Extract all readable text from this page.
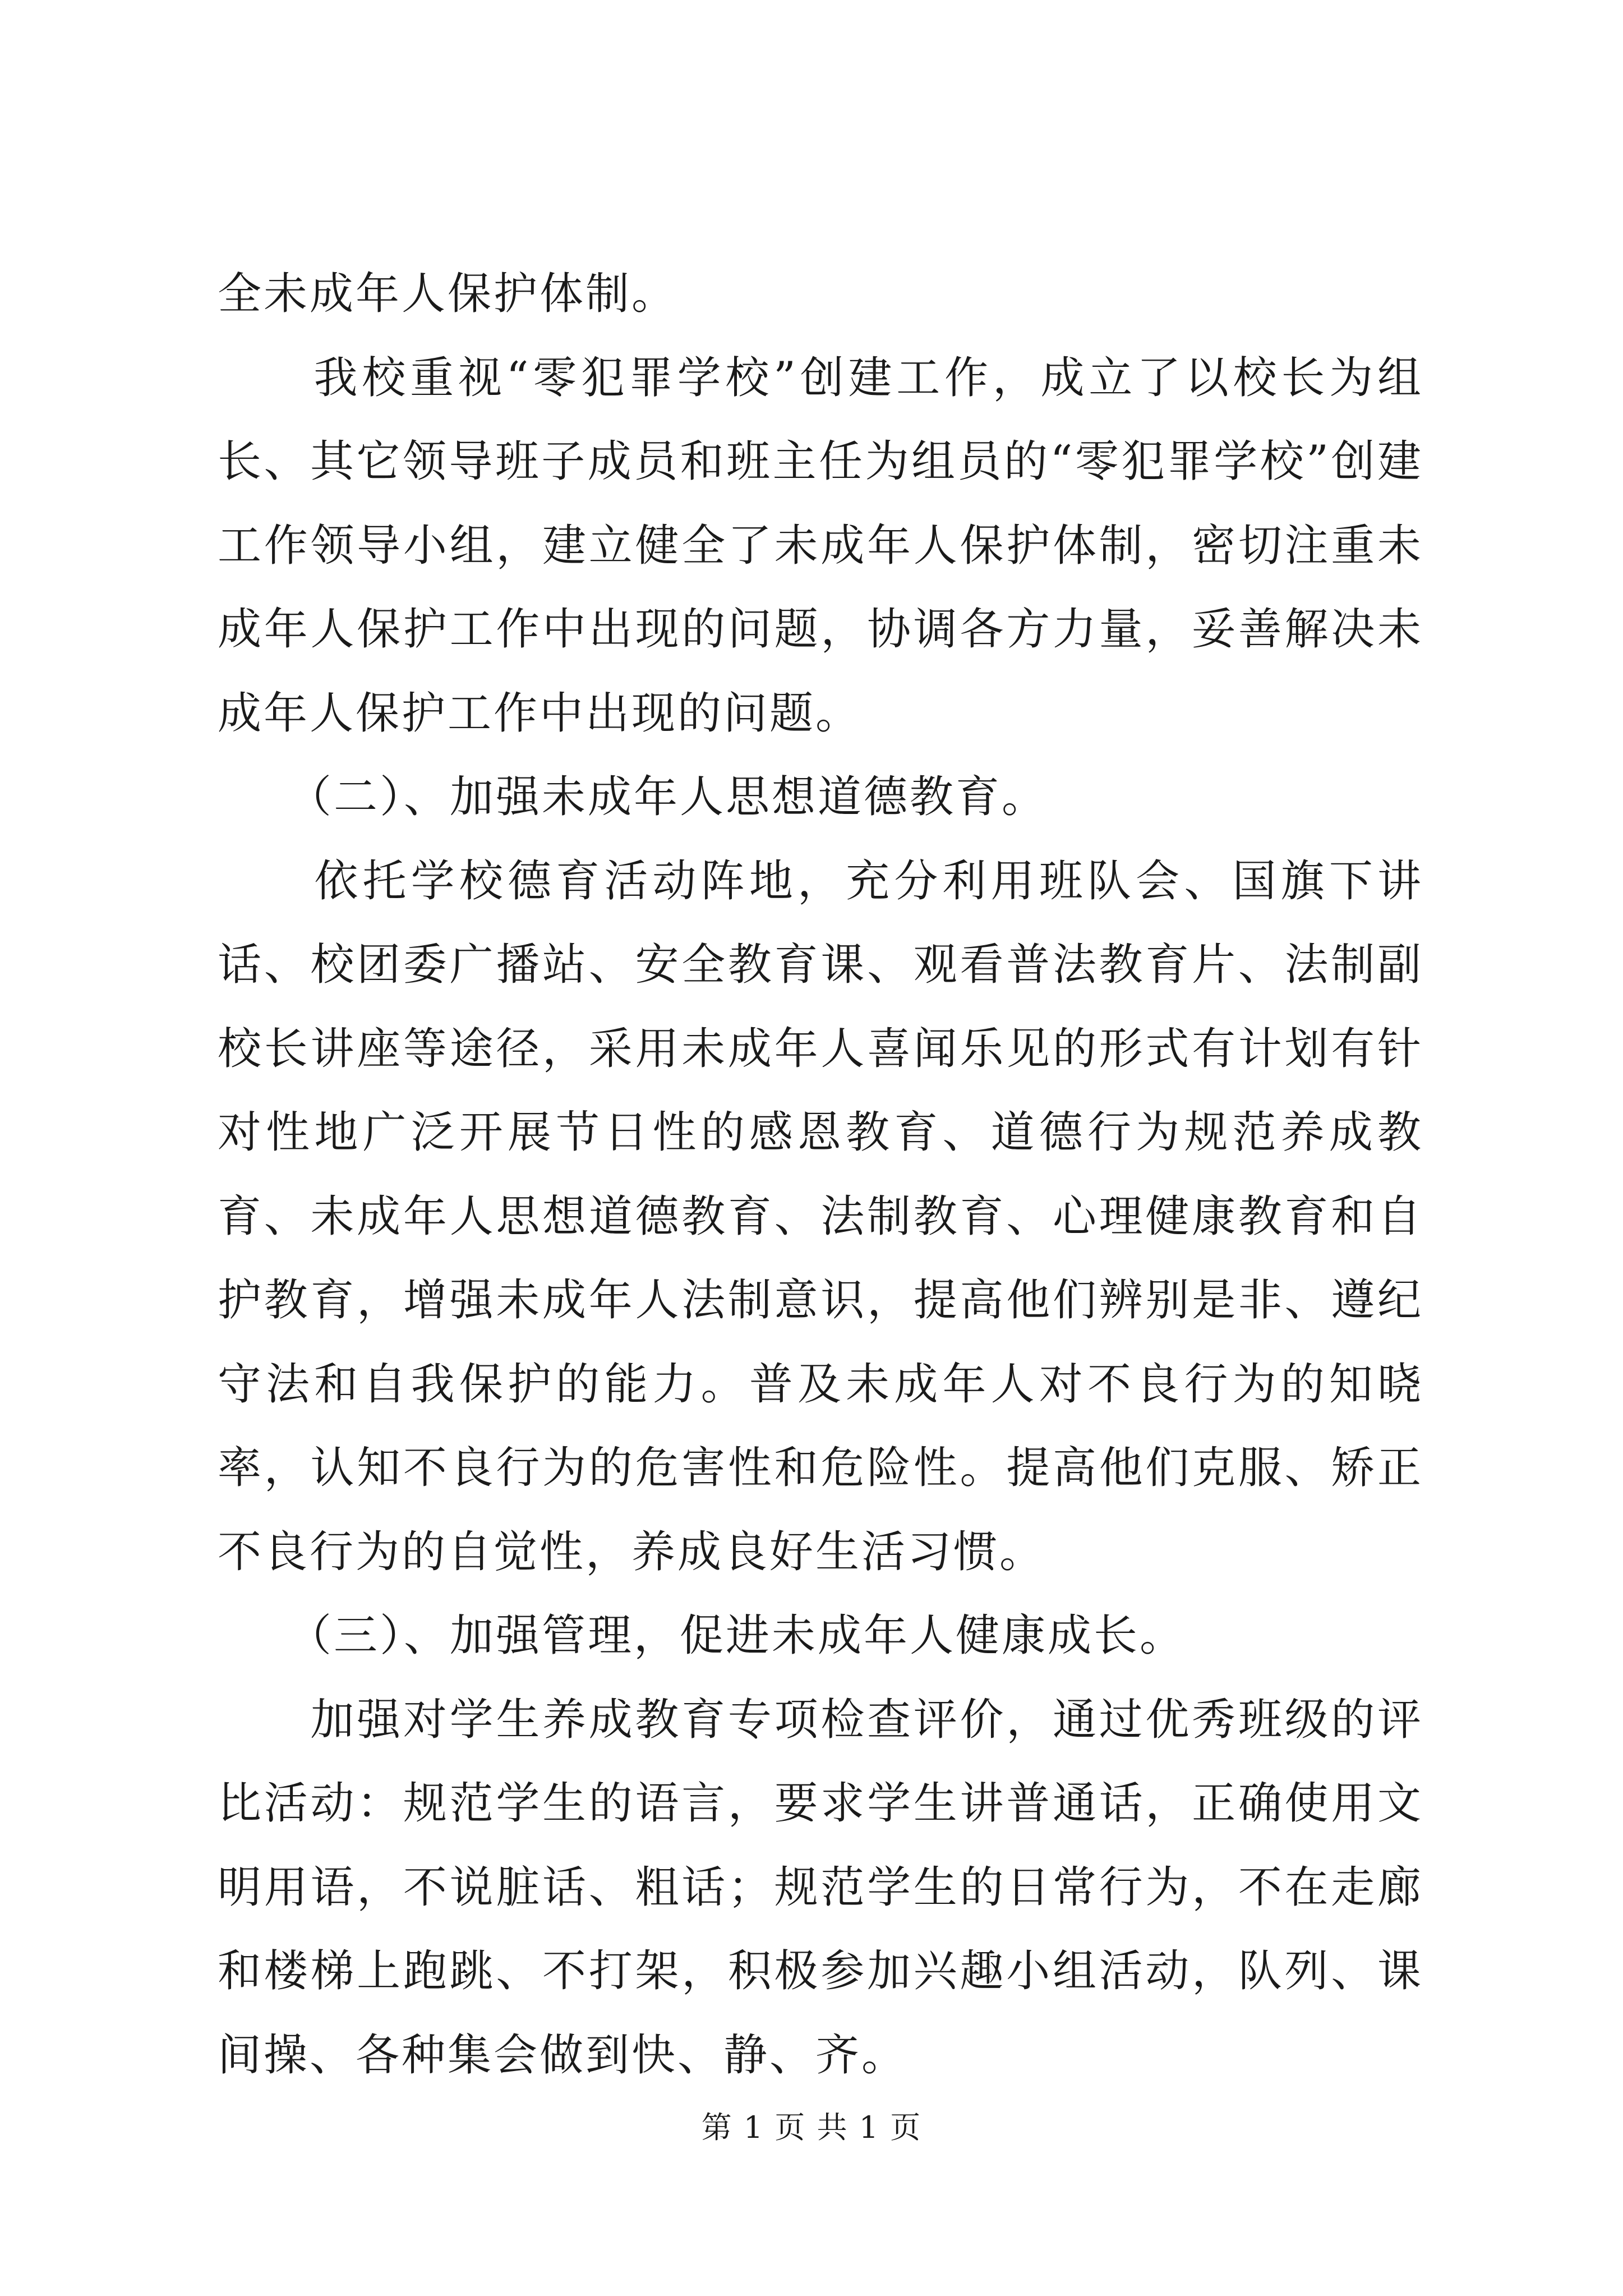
全未成年人保护体制。

　　我校重视“零犯罪学校”创建工作，成立了以校长为组长、其它领导班子成员和班主任为组员的“零犯罪学校”创建工作领导小组，建立健全了未成年人保护体制，密切注重未成年人保护工作中出现的问题，协调各方力量，妥善解决未成年人保护工作中出现的问题。

　　（二）、加强未成年人思想道德教育。

　　依托学校德育活动阵地，充分利用班队会、国旗下讲话、校团委广播站、安全教育课、观看普法教育片、法制副校长讲座等途径，采用未成年人喜闻乐见的形式有计划有针对性地广泛开展节日性的感恩教育、道德行为规范养成教育、未成年人思想道德教育、法制教育、心理健康教育和自护教育，增强未成年人法制意识，提高他们辨别是非、遵纪守法和自我保护的能力。普及未成年人对不良行为的知晓率，认知不良行为的危害性和危险性。提高他们克服、矫正不良行为的自觉性，养成良好生活习惯。

　　（三）、加强管理，促进未成年人健康成长。

　　加强对学生养成教育专项检查评价，通过优秀班级的评比活动：规范学生的语言，要求学生讲普通话，正确使用文明用语，不说脏话、粗话；规范学生的日常行为，不在走廊和楼梯上跑跳、不打架，积极参加兴趣小组活动，队列、课间操、各种集会做到快、静、齐。

第 1 页 共 1 页
